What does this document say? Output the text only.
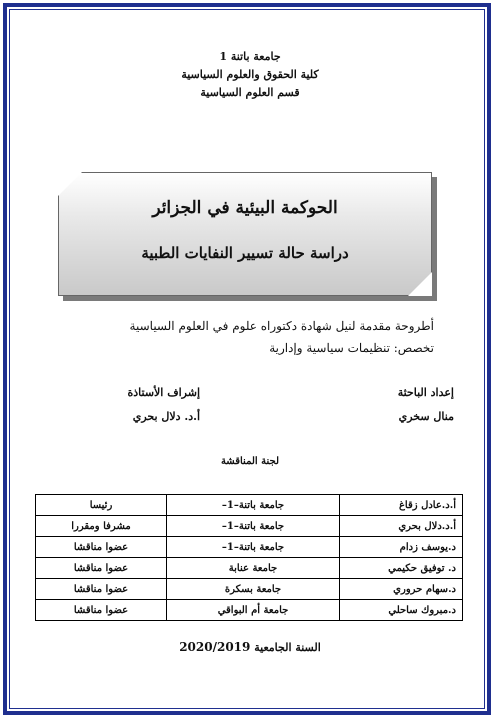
جامعة باتنة 1
كلية الحقوق والعلوم السياسية
قسم العلوم السياسية
الحوكمة البيئية في الجزائر
دراسة حالة تسيير النفايات الطبية
أطروحة مقدمة لنيل شهادة دكتوراه علوم في العلوم السياسية
تخصص: تنظيمات سياسية وإدارية
إعداد الباحثة
منال سخري
إشراف الأستاذة
أ.د. دلال بحري
لجنة المناقشة
أ.د.عادل زقاغ	جامعة باتنة–1–	رئيسا
أ.د.دلال بحري	جامعة باتنة–1–	مشرفا ومقررا
د.يوسف زدام	جامعة باتنة–1–	عضوا مناقشا
د. توفيق حكيمي	جامعة عنابة	عضوا مناقشا
د.سهام حروري	جامعة بسكرة	عضوا مناقشا
د.مبروك ساحلي	جامعة أم البواقي	عضوا مناقشا
السنة الجامعية 2020/2019
